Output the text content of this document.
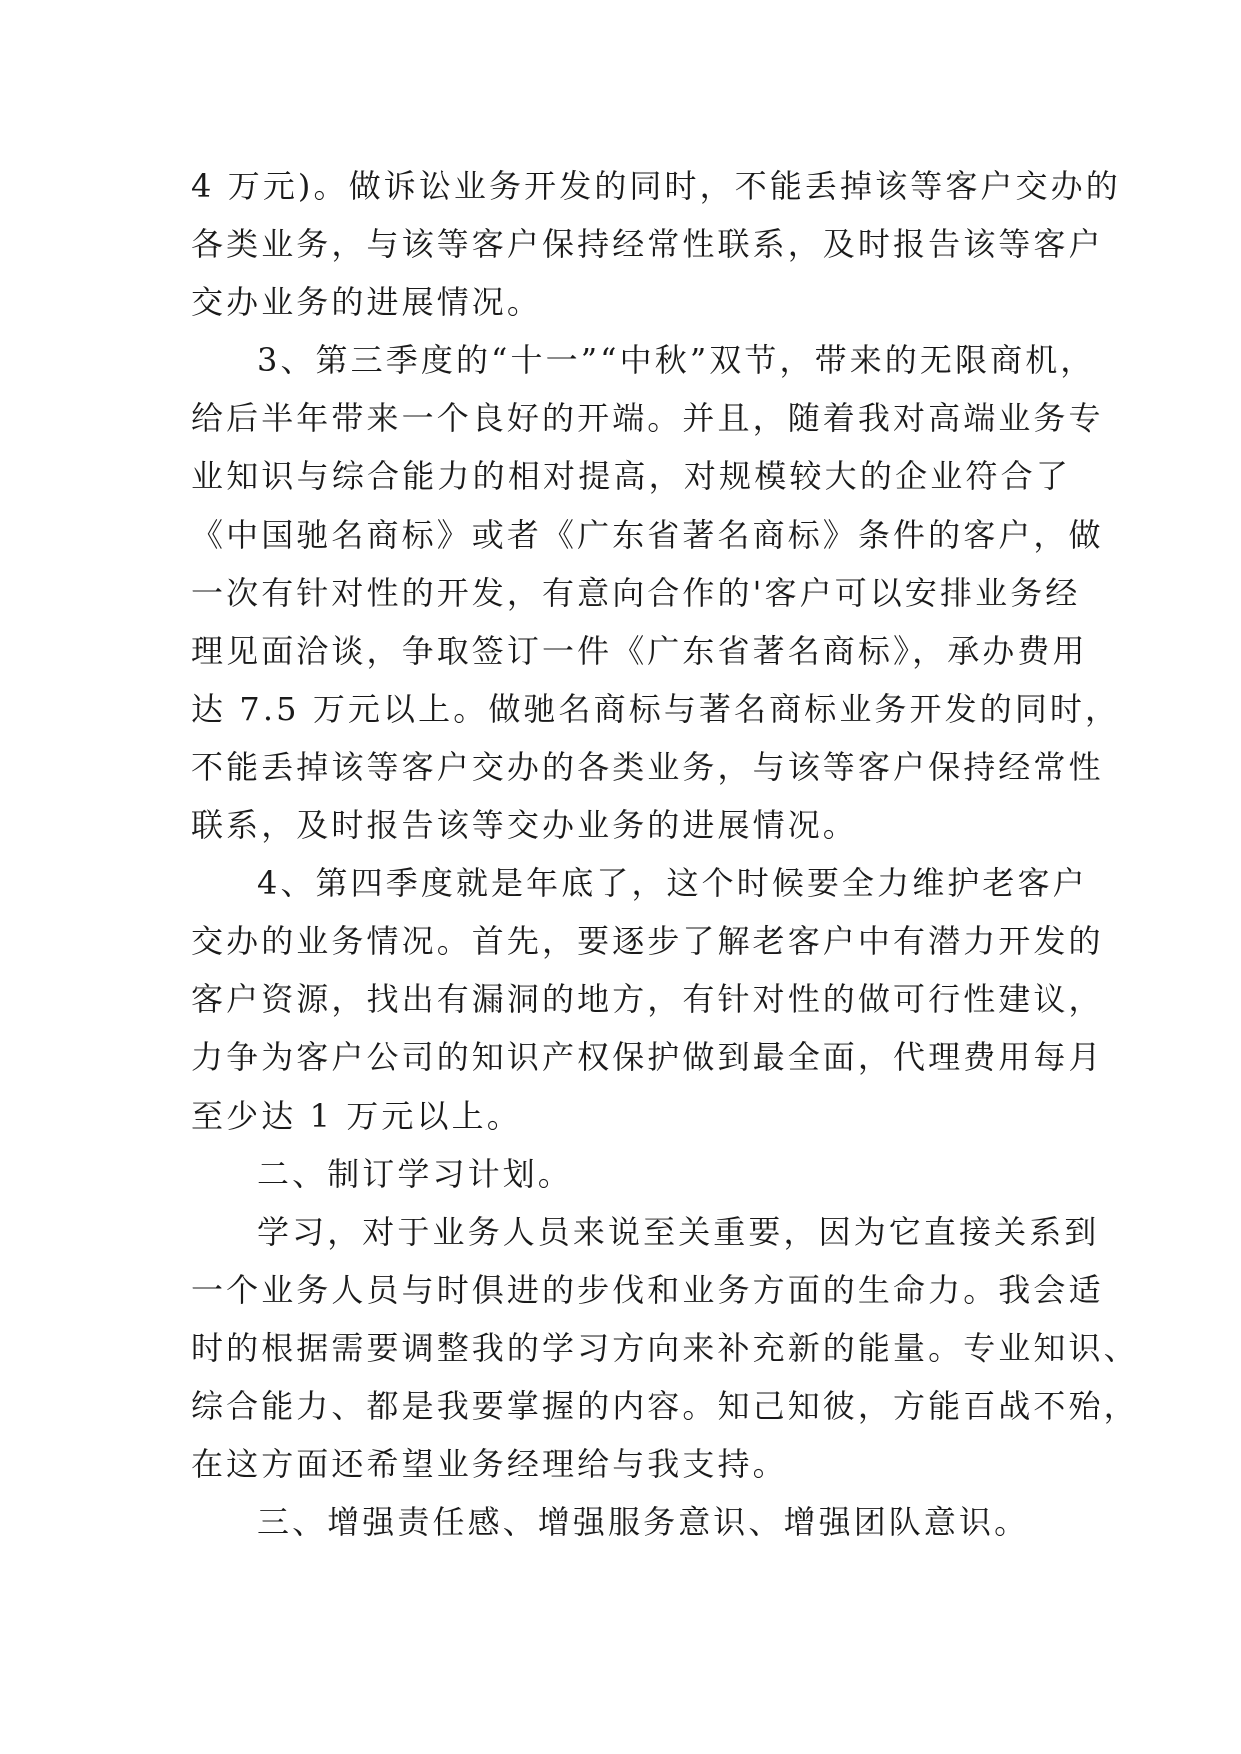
4 万元)。做诉讼业务开发的同时，不能丢掉该等客户交办的
各类业务，与该等客户保持经常性联系，及时报告该等客户
交办业务的进展情况。
3、第三季度的“十一”“中秋”双节，带来的无限商机，
给后半年带来一个良好的开端。并且，随着我对高端业务专
业知识与综合能力的相对提高，对规模较大的企业符合了
《中国驰名商标》或者《广东省著名商标》条件的客户，做
一次有针对性的开发，有意向合作的'客户可以安排业务经
理见面洽谈，争取签订一件《广东省著名商标》，承办费用
达 7.5 万元以上。做驰名商标与著名商标业务开发的同时，
不能丢掉该等客户交办的各类业务，与该等客户保持经常性
联系，及时报告该等交办业务的进展情况。
4、第四季度就是年底了，这个时候要全力维护老客户
交办的业务情况。首先，要逐步了解老客户中有潜力开发的
客户资源，找出有漏洞的地方，有针对性的做可行性建议，
力争为客户公司的知识产权保护做到最全面，代理费用每月
至少达 1 万元以上。
二、制订学习计划。
学习，对于业务人员来说至关重要，因为它直接关系到
一个业务人员与时俱进的步伐和业务方面的生命力。我会适
时的根据需要调整我的学习方向来补充新的能量。专业知识、
综合能力、都是我要掌握的内容。知己知彼，方能百战不殆，
在这方面还希望业务经理给与我支持。
三、增强责任感、增强服务意识、增强团队意识。
